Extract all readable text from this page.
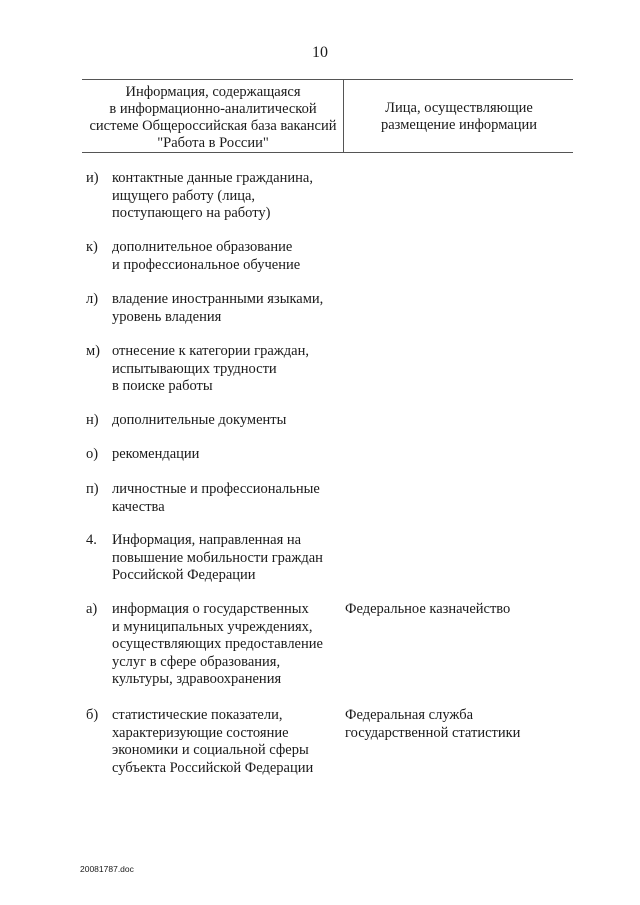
10
Информация, содержащаяся
в информационно-аналитической
системе Общероссийская база вакансий
"Работа в России"
Лица, осуществляющие
размещение информации
и) контактные данные гражданина,
ищущего работу (лица,
поступающего на работу)
к) дополнительное образование
и профессиональное обучение
л) владение иностранными языками,
уровень владения
м) отнесение к категории граждан,
испытывающих трудности
в поиске работы
н) дополнительные документы
о) рекомендации
п) личностные и профессиональные
качества
4.	Информация, направленная на
повышение мобильности граждан
Российской Федерации
а)	информация о государственных
и муниципальных учреждениях,
осуществляющих предоставление
услуг в сфере образования,
культуры, здравоохранения
Федеральное казначейство
б) статистические показатели,
характеризующие состояние
экономики и социальной сферы
субъекта Российской Федерации
Федеральная служба
государственной статистики
20081787.doc
